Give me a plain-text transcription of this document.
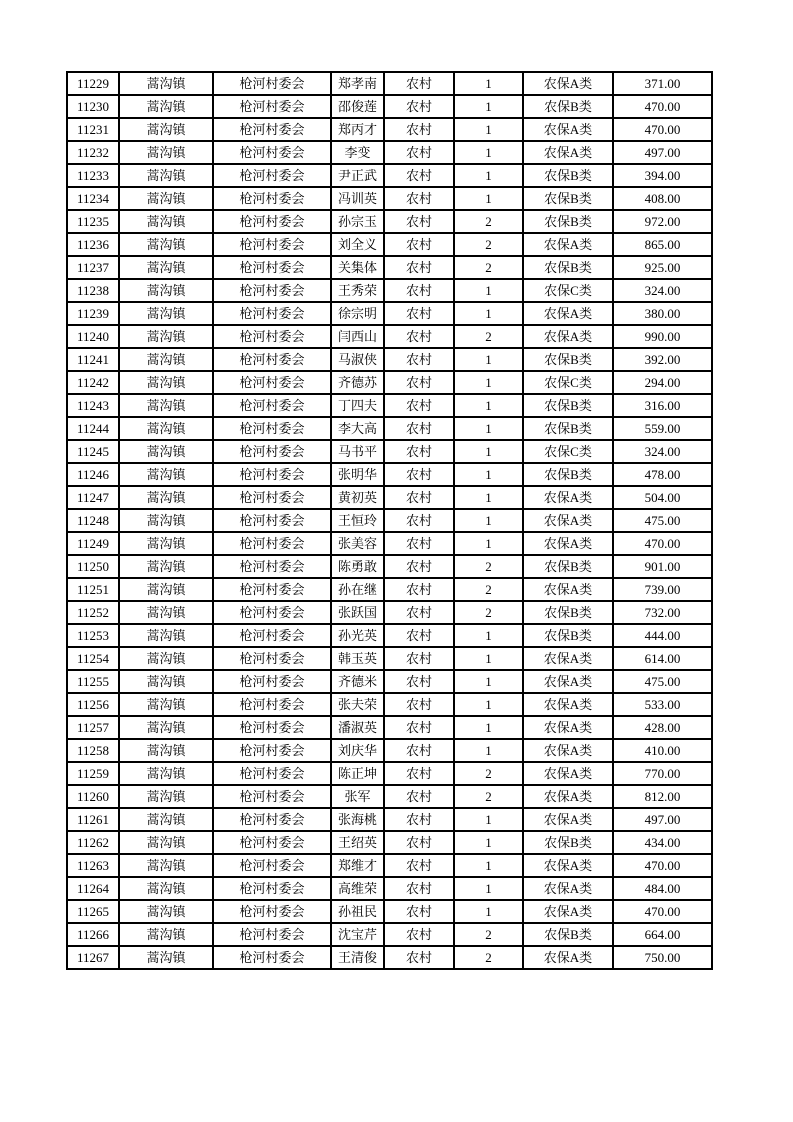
11229	蒿沟镇	枪河村委会	郑孝南	农村	1	农保A类	371.00
11230	蒿沟镇	枪河村委会	邵俊莲	农村	1	农保B类	470.00
11231	蒿沟镇	枪河村委会	郑丙才	农村	1	农保A类	470.00
11232	蒿沟镇	枪河村委会	李变	农村	1	农保A类	497.00
11233	蒿沟镇	枪河村委会	尹正武	农村	1	农保B类	394.00
11234	蒿沟镇	枪河村委会	冯训英	农村	1	农保B类	408.00
11235	蒿沟镇	枪河村委会	孙宗玉	农村	2	农保B类	972.00
11236	蒿沟镇	枪河村委会	刘全义	农村	2	农保A类	865.00
11237	蒿沟镇	枪河村委会	关集体	农村	2	农保B类	925.00
11238	蒿沟镇	枪河村委会	王秀荣	农村	1	农保C类	324.00
11239	蒿沟镇	枪河村委会	徐宗明	农村	1	农保A类	380.00
11240	蒿沟镇	枪河村委会	闫西山	农村	2	农保A类	990.00
11241	蒿沟镇	枪河村委会	马淑侠	农村	1	农保B类	392.00
11242	蒿沟镇	枪河村委会	齐德苏	农村	1	农保C类	294.00
11243	蒿沟镇	枪河村委会	丁四夫	农村	1	农保B类	316.00
11244	蒿沟镇	枪河村委会	李大高	农村	1	农保B类	559.00
11245	蒿沟镇	枪河村委会	马书平	农村	1	农保C类	324.00
11246	蒿沟镇	枪河村委会	张明华	农村	1	农保B类	478.00
11247	蒿沟镇	枪河村委会	黄初英	农村	1	农保A类	504.00
11248	蒿沟镇	枪河村委会	王恒玲	农村	1	农保A类	475.00
11249	蒿沟镇	枪河村委会	张美容	农村	1	农保A类	470.00
11250	蒿沟镇	枪河村委会	陈勇敢	农村	2	农保B类	901.00
11251	蒿沟镇	枪河村委会	孙在继	农村	2	农保A类	739.00
11252	蒿沟镇	枪河村委会	张跃国	农村	2	农保B类	732.00
11253	蒿沟镇	枪河村委会	孙光英	农村	1	农保B类	444.00
11254	蒿沟镇	枪河村委会	韩玉英	农村	1	农保A类	614.00
11255	蒿沟镇	枪河村委会	齐德米	农村	1	农保A类	475.00
11256	蒿沟镇	枪河村委会	张夫荣	农村	1	农保A类	533.00
11257	蒿沟镇	枪河村委会	潘淑英	农村	1	农保A类	428.00
11258	蒿沟镇	枪河村委会	刘庆华	农村	1	农保A类	410.00
11259	蒿沟镇	枪河村委会	陈正坤	农村	2	农保A类	770.00
11260	蒿沟镇	枪河村委会	张军	农村	2	农保A类	812.00
11261	蒿沟镇	枪河村委会	张海桃	农村	1	农保A类	497.00
11262	蒿沟镇	枪河村委会	王绍英	农村	1	农保B类	434.00
11263	蒿沟镇	枪河村委会	郑维才	农村	1	农保A类	470.00
11264	蒿沟镇	枪河村委会	高维荣	农村	1	农保A类	484.00
11265	蒿沟镇	枪河村委会	孙祖民	农村	1	农保A类	470.00
11266	蒿沟镇	枪河村委会	沈宝芹	农村	2	农保B类	664.00
11267	蒿沟镇	枪河村委会	王清俊	农村	2	农保A类	750.00
